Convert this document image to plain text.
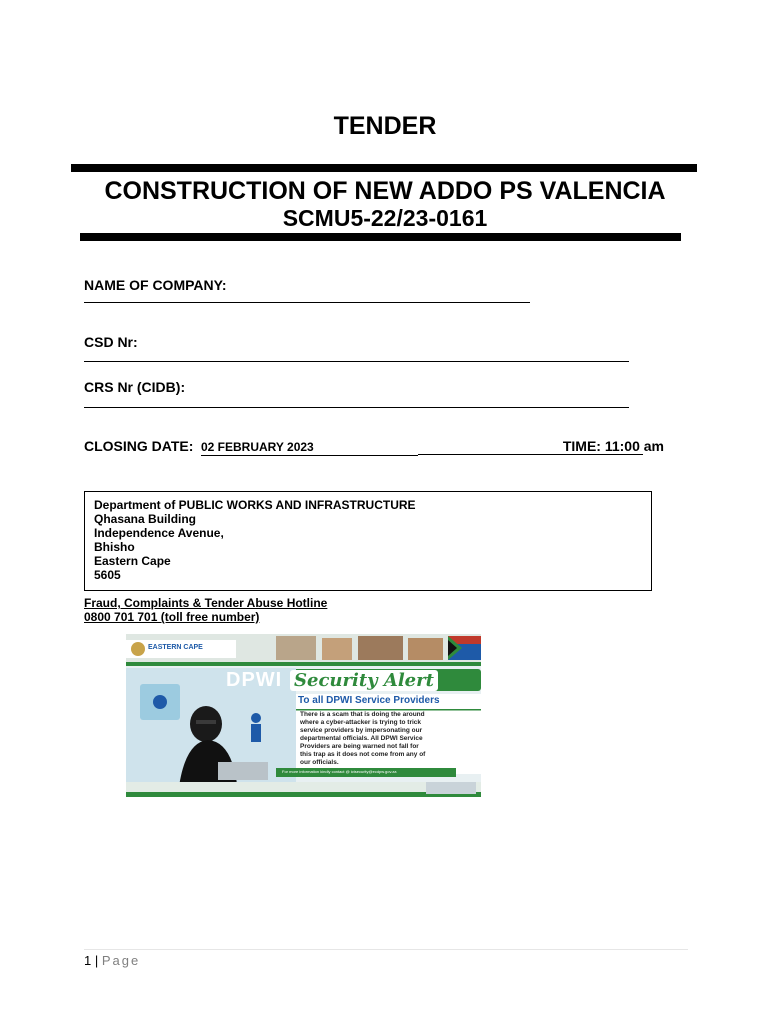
TENDER
CONSTRUCTION OF NEW ADDO PS VALENCIA
SCMU5-22/23-0161
NAME OF COMPANY:
CSD Nr:
CRS Nr (CIDB):
CLOSING DATE: 02 FEBRUARY 2023	TIME: 11:00 am
Department of PUBLIC WORKS AND INFRASTRUCTURE
Qhasana Building
Independence Avenue,
Bhisho
Eastern Cape
5605
Fraud, Complaints & Tender Abuse Hotline
0800 701 701 (toll free number)
EASTERN CAPE
DPWI Security Alert
To all DPWI Service Providers
There is a scam that is doing the around
where a cyber-attacker is trying to trick
service providers by impersonating our
departmental officials. All DPWI Service
Providers are being warned not fall for
this trap as it does not come from any of
our officials.
For more information kindly contact @ ictsecurity@ecdpw.gov.za
1 | Page
